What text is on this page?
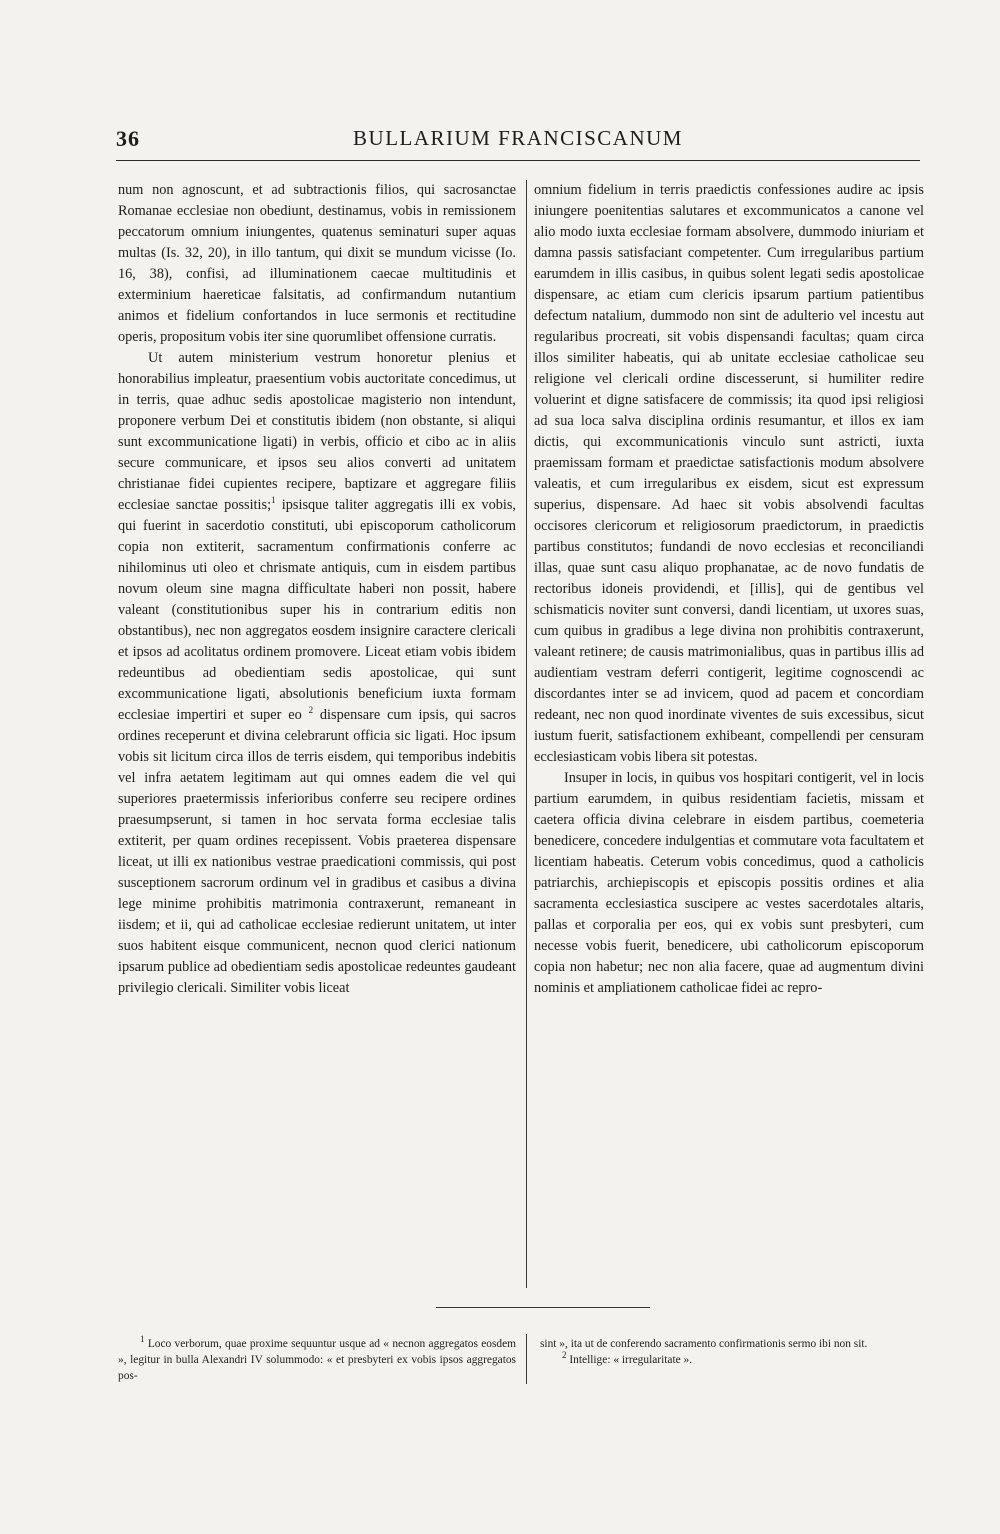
36	BULLARIUM FRANCISCANUM

num non agnoscunt, et ad subtractionis filios, qui sacrosanctae Romanae ecclesiae non obediunt, destinamus, vobis in remissionem peccatorum omnium iniungentes, quatenus seminaturi super aquas multas (Is. 32, 20), in illo tantum, qui dixit se mundum vicisse (Io. 16, 38), confisi, ad illuminationem caecae multitudinis et exterminium haereticae falsitatis, ad confirmandum nutantium animos et fidelium confortandos in luce sermonis et rectitudine operis, propositum vobis iter sine quorumlibet offensione curratis.

Ut autem ministerium vestrum honoretur plenius et honorabilius impleatur, praesentium vobis auctoritate concedimus, ut in terris, quae adhuc sedis apostolicae magisterio non intendunt, proponere verbum Dei et constitutis ibidem (non obstante, si aliqui sunt excommunicatione ligati) in verbis, officio et cibo ac in aliis secure communicare, et ipsos seu alios converti ad unitatem christianae fidei cupientes recipere, baptizare et aggregare filiis ecclesiae sanctae possitis;$^1$ ipsisque taliter aggregatis illi ex vobis, qui fuerint in sacerdotio constituti, ubi episcoporum catholicorum copia non extiterit, sacramentum confirmationis conferre ac nihilominus uti oleo et chrismate antiquis, cum in eisdem partibus novum oleum sine magna difficultate haberi non possit, habere valeant (constitutionibus super his in contrarium editis non obstantibus), nec non aggregatos eosdem insignire caractere clericali et ipsos ad acolitatus ordinem promovere. Liceat etiam vobis ibidem redeuntibus ad obedientiam sedis apostolicae, qui sunt excommunicatione ligati, absolutionis beneficium iuxta formam ecclesiae impertiri et super eo $^2$ dispensare cum ipsis, qui sacros ordines receperunt et divina celebrarunt officia sic ligati. Hoc ipsum vobis sit licitum circa illos de terris eisdem, qui temporibus indebitis vel infra aetatem legitimam aut qui omnes eadem die vel qui superiores praetermissis inferioribus conferre seu recipere ordines praesumpserunt, si tamen in hoc servata forma ecclesiae talis extiterit, per quam ordines recepissent. Vobis praeterea dispensare liceat, ut illi ex nationibus vestrae praedicationi commissis, qui post susceptionem sacrorum ordinum vel in gradibus et casibus a divina lege minime prohibitis matrimonia contraxerunt, remaneant in iisdem; et ii, qui ad catholicae ecclesiae redierunt unitatem, ut inter suos habitent eisque communicent, necnon quod clerici nationum ipsarum publice ad obedientiam sedis apostolicae redeuntes gaudeant privilegio clericali. Similiter vobis liceat

omnium fidelium in terris praedictis confessiones audire ac ipsis iniungere poenitentias salutares et excommunicatos a canone vel alio modo iuxta ecclesiae formam absolvere, dummodo iniuriam et damna passis satisfaciant competenter. Cum irregularibus partium earumdem in illis casibus, in quibus solent legati sedis apostolicae dispensare, ac etiam cum clericis ipsarum partium patientibus defectum natalium, dummodo non sint de adulterio vel incestu aut regularibus procreati, sit vobis dispensandi facultas; quam circa illos similiter habeatis, qui ab unitate ecclesiae catholicae seu religione vel clericali ordine discesserunt, si humiliter redire voluerint et digne satisfacere de commissis; ita quod ipsi religiosi ad sua loca salva disciplina ordinis resumantur, et illos ex iam dictis, qui excommunicationis vinculo sunt astricti, iuxta praemissam formam et praedictae satisfactionis modum absolvere valeatis, et cum irregularibus ex eisdem, sicut est expressum superius, dispensare. Ad haec sit vobis absolvendi facultas occisores clericorum et religiosorum praedictorum, in praedictis partibus constitutos; fundandi de novo ecclesias et reconciliandi illas, quae sunt casu aliquo prophanatae, ac de novo fundatis de rectoribus idoneis providendi, et [illis], qui de gentibus vel schismaticis noviter sunt conversi, dandi licentiam, ut uxores suas, cum quibus in gradibus a lege divina non prohibitis contraxerunt, valeant retinere; de causis matrimonialibus, quas in partibus illis ad audientiam vestram deferri contigerit, legitime cognoscendi ac discordantes inter se ad invicem, quod ad pacem et concordiam redeant, nec non quod inordinate viventes de suis excessibus, sicut iustum fuerit, satisfactionem exhibeant, compellendi per censuram ecclesiasticam vobis libera sit potestas.

Insuper in locis, in quibus vos hospitari contigerit, vel in locis partium earumdem, in quibus residentiam facietis, missam et caetera officia divina celebrare in eisdem partibus, coemeteria benedicere, concedere indulgentias et commutare vota facultatem et licentiam habeatis. Ceterum vobis concedimus, quod a catholicis patriarchis, archiepiscopis et episcopis possitis ordines et alia sacramenta ecclesiastica suscipere ac vestes sacerdotales altaris, pallas et corporalia per eos, qui ex vobis sunt presbyteri, cum necesse vobis fuerit, benedicere, ubi catholicorum episcoporum copia non habetur; nec non alia facere, quae ad augmentum divini nominis et ampliationem catholicae fidei ac repro-

$^1$ Loco verborum, quae proxime sequuntur usque ad « necnon aggregatos eosdem », legitur in bulla Alexandri IV solummodo: « et presbyteri ex vobis ipsos aggregatos pos-

sint », ita ut de conferendo sacramento confirmationis sermo ibi non sit.

$^2$ Intellige: « irregularitate ».
